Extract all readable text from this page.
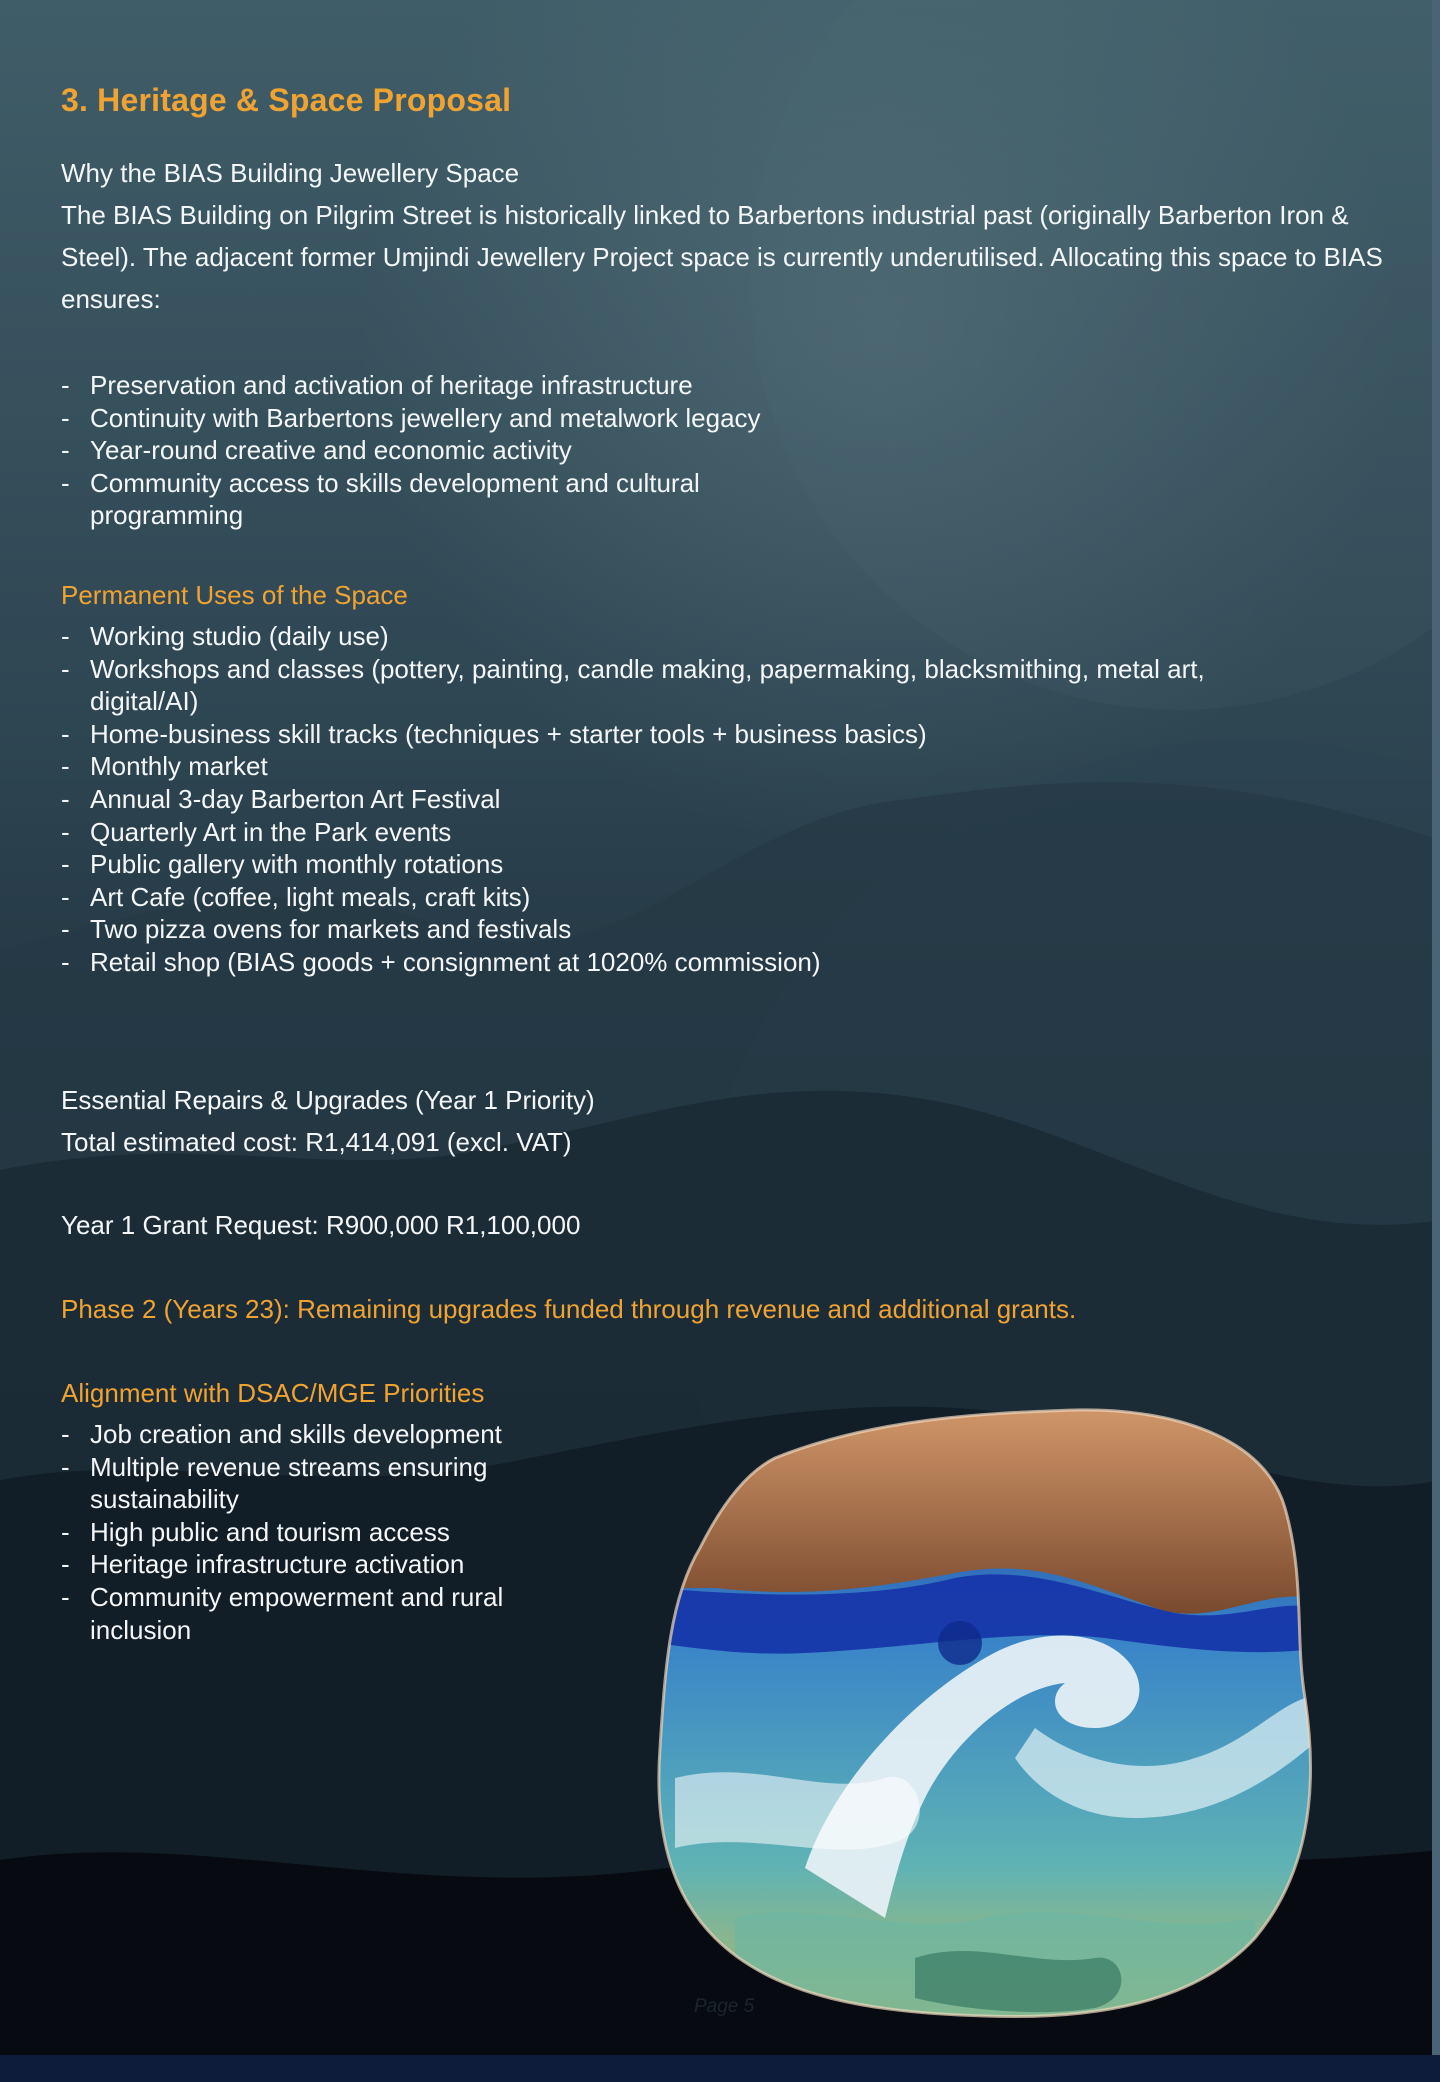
3. Heritage & Space Proposal

Why the BIAS Building Jewellery Space

The BIAS Building on Pilgrim Street is historically linked to Barbertons industrial past (originally Barberton Iron & Steel). The adjacent former Umjindi Jewellery Project space is currently underutilised. Allocating this space to BIAS ensures:

- Preservation and activation of heritage infrastructure
- Continuity with Barbertons jewellery and metalwork legacy
- Year-round creative and economic activity
- Community access to skills development and cultural programming

Permanent Uses of the Space

- Working studio (daily use)
- Workshops and classes (pottery, painting, candle making, papermaking, blacksmithing, metal art, digital/AI)
- Home-business skill tracks (techniques + starter tools + business basics)
- Monthly market
- Annual 3-day Barberton Art Festival
- Quarterly Art in the Park events
- Public gallery with monthly rotations
- Art Cafe (coffee, light meals, craft kits)
- Two pizza ovens for markets and festivals
- Retail shop (BIAS goods + consignment at 1020% commission)

Essential Repairs & Upgrades (Year 1 Priority)

Total estimated cost: R1,414,091 (excl. VAT)

Year 1 Grant Request: R900,000 R1,100,000

Phase 2 (Years 23): Remaining upgrades funded through revenue and additional grants.

Alignment with DSAC/MGE Priorities

- Job creation and skills development
- Multiple revenue streams ensuring sustainability
- High public and tourism access
- Heritage infrastructure activation
- Community empowerment and rural inclusion
Page 5
